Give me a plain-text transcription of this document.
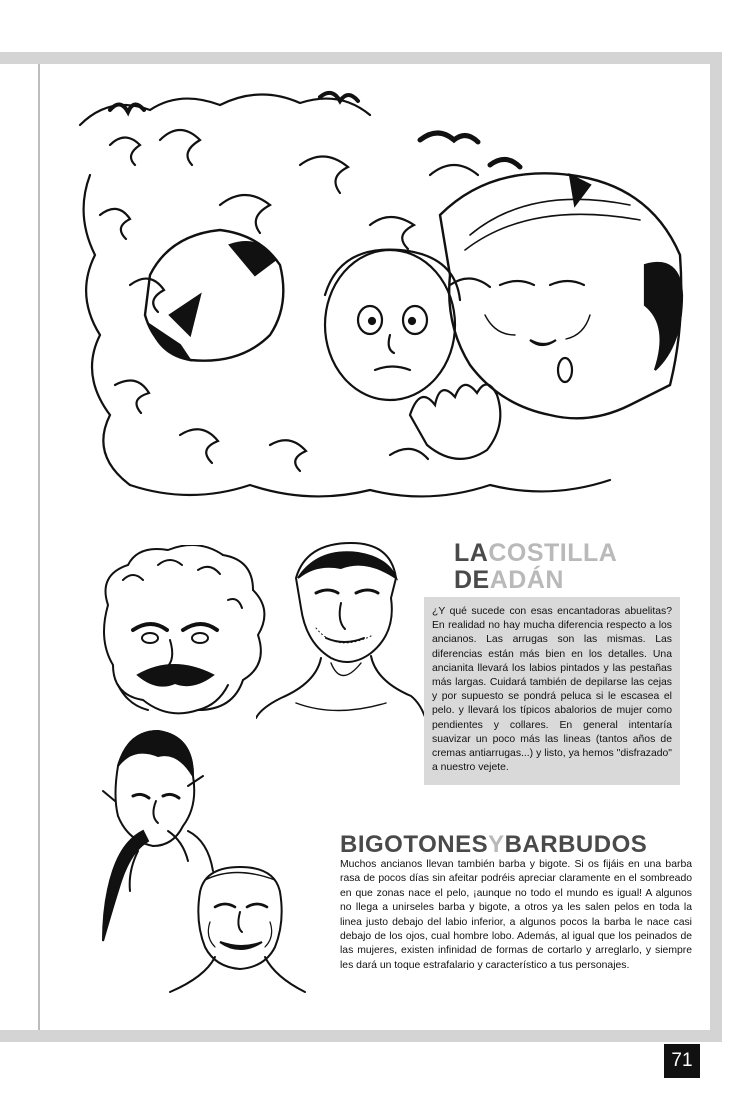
LACOSTILLA
DEADÁN
¿Y qué sucede con esas encantadoras abuelitas? En realidad no hay mucha diferencia respecto a los ancianos. Las arrugas son las mismas. Las diferencias están más bien en los detalles. Una ancianita llevará los labios pintados y las pestañas más largas. Cuidará también de depilarse las cejas y por supuesto se pondrá peluca si le escasea el pelo. y llevará los típicos abalorios de mujer como pendientes y collares. En general intentaría suavizar un poco más las lineas (tantos años de cremas antiarrugas...) y listo, ya hemos "disfrazado" a nuestro vejete.
BIGOTONESYBARBUDOS
Muchos ancianos llevan también barba y bigote. Si os fijáis en una barba rasa de pocos días sin afeitar podréis apreciar claramente en el sombreado en que zonas nace el pelo, ¡aunque no todo el mundo es igual! A algunos no llega a unirseles barba y bigote, a otros ya les salen pelos en toda la linea justo debajo del labio inferior, a algunos pocos la barba le nace casi debajo de los ojos, cual hombre lobo. Además, al igual que los peinados de las mujeres, existen infinidad de formas de cortarlo y arreglarlo, y siempre les dará un toque estrafalario y característico a tus personajes.
71
